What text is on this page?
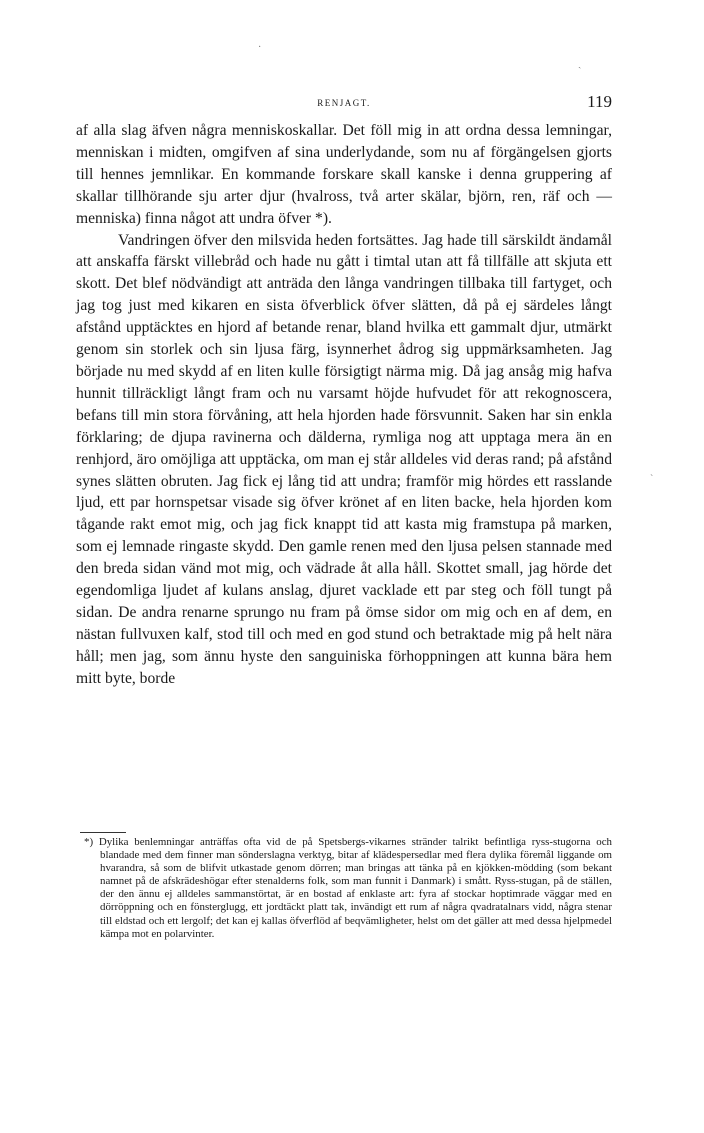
·
ˏ
ˋ
RENJAGT.	119

af alla slag äfven några menniskoskallar. Det föll mig in att ordna dessa lemningar, menniskan i midten, omgifven af sina underlydande, som nu af förgängelsen gjorts till hennes jemnlikar. En kommande forskare skall kanske i denna gruppering af skallar tillhörande sju arter djur (hvalross, två arter skälar, björn, ren, räf och — menniska) finna något att undra öfver *).

Vandringen öfver den milsvida heden fortsättes. Jag hade till särskildt ändamål att anskaffa färskt villebråd och hade nu gått i timtal utan att få tillfälle att skjuta ett skott. Det blef nödvändigt att anträda den långa vandringen tillbaka till fartyget, och jag tog just med kikaren en sista öfverblick öfver slätten, då på ej särdeles långt afstånd upptäcktes en hjord af betande renar, bland hvilka ett gammalt djur, utmärkt genom sin storlek och sin ljusa färg, isynnerhet ådrog sig uppmärksamheten. Jag började nu med skydd af en liten kulle försigtigt närma mig. Då jag ansåg mig hafva hunnit tillräckligt långt fram och nu varsamt höjde hufvudet för att rekognoscera, befans till min stora förvåning, att hela hjorden hade försvunnit. Saken har sin enkla förklaring; de djupa ravinerna och dälderna, rymliga nog att upptaga mera än en renhjord, äro omöjliga att upptäcka, om man ej står alldeles vid deras rand; på afstånd synes slätten obruten. Jag fick ej lång tid att undra; framför mig hördes ett rasslande ljud, ett par hornspetsar visade sig öfver krönet af en liten backe, hela hjorden kom tågande rakt emot mig, och jag fick knappt tid att kasta mig framstupa på marken, som ej lemnade ringaste skydd. Den gamle renen med den ljusa pelsen stannade med den breda sidan vänd mot mig, och vädrade åt alla håll. Skottet small, jag hörde det egendomliga ljudet af kulans anslag, djuret vacklade ett par steg och föll tungt på sidan. De andra renarne sprungo nu fram på ömse sidor om mig och en af dem, en nästan fullvuxen kalf, stod till och med en god stund och betraktade mig på helt nära håll; men jag, som ännu hyste den sanguiniska förhoppningen att kunna bära hem mitt byte, borde

*) Dylika benlemningar anträffas ofta vid de på Spetsbergs-vikarnes stränder talrikt befintliga ryss-stugorna och blandade med dem finner man sönderslagna verktyg, bitar af klädespersedlar med flera dylika föremål liggande om hvarandra, så som de blifvit utkastade genom dörren; man bringas att tänka på en kjökken-mödding (som bekant namnet på de afskrädeshögar efter stenalderns folk, som man funnit i Danmark) i smått. Ryss-stugan, på de ställen, der den ännu ej alldeles sammanstörtat, är en bostad af enklaste art: fyra af stockar hoptimrade väggar med en dörröppning och en fönsterglugg, ett jordtäckt platt tak, invändigt ett rum af några qvadratalnars vidd, några stenar till eldstad och ett lergolf; det kan ej kallas öfverflöd af beqvämligheter, helst om det gäller att med dessa hjelpmedel kämpa mot en polarvinter.
